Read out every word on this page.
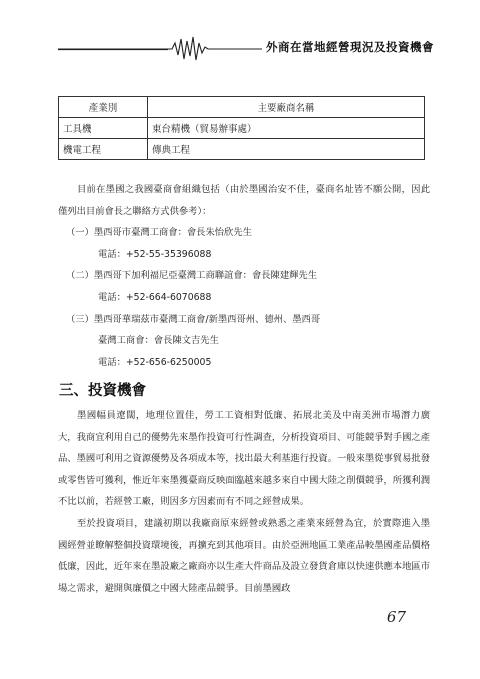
外商在當地經營現況及投資機會
產業別	主要廠商名稱
工具機	東台精機（貿易辦事處）
機電工程	傳典工程

目前在墨國之我國臺商會組織包括（由於墨國治安不佳，臺商名址皆不願公開，因此僅列出目前會長之聯絡方式供參考）：

（一）墨西哥市臺灣工商會：會長朱怡欣先生

電話：+52-55-35396088

（二）墨西哥下加利福尼亞臺灣工商聯誼會：會長陳建輝先生

電話：+52-664-6070688

（三）墨西哥華瑞茲市臺灣工商會/新墨西哥州、德州、墨西哥

臺灣工商會：會長陳文吉先生

電話：+52-656-6250005

三、投資機會

墨國幅員遼闊，地理位置佳，勞工工資相對低廉、拓展北美及中南美洲市場潛力廣大，我商宜利用自己的優勢先來墨作投資可行性調查，分析投資項目、可能競爭對手國之產品、墨國可利用之資源優勢及各項成本等，找出最大利基進行投資。一般來墨從事貿易批發或零售皆可獲利，惟近年來墨獲臺商反映面臨越來越多來自中國大陸之削價競爭，所獲利潤不比以前，若經營工廠，則因多方因素而有不同之經營成果。

至於投資項目，建議初期以我廠商原來經營或熟悉之產業來經營為宜，於實際進入墨國經營並瞭解整個投資環境後，再擴充到其他項目。由於亞洲地區工業產品較墨國產品價格低廉，因此，近年來在墨設廠之廠商亦以生產大件商品及設立發貨倉庫以快速供應本地區市場之需求，避開與廉價之中國大陸產品競爭。目前墨國政

67
